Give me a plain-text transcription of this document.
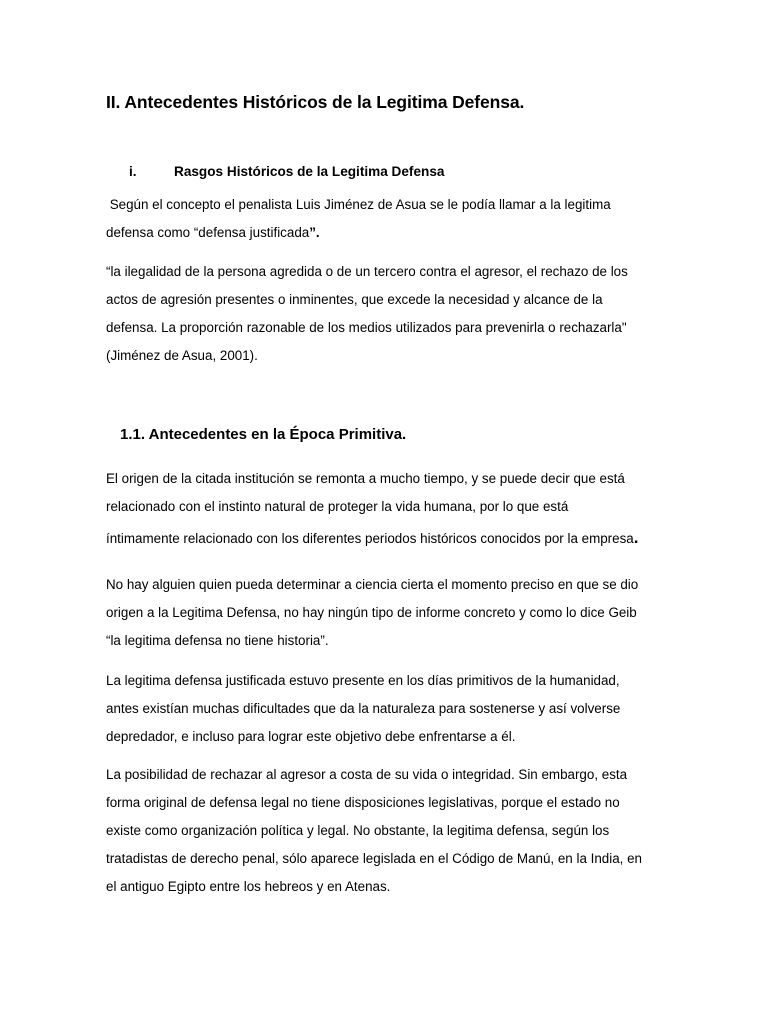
II. Antecedentes Históricos de la Legitima Defensa.
i.	Rasgos Históricos de la Legitima Defensa
Según el concepto el penalista Luis Jiménez de Asua se le podía llamar a la legitima
defensa como “defensa justificada”.
“la ilegalidad de la persona agredida o de un tercero contra el agresor, el rechazo de los
actos de agresión presentes o inminentes, que excede la necesidad y alcance de la
defensa. La proporción razonable de los medios utilizados para prevenirla o rechazarla"
(Jiménez de Asua, 2001).
1.1. Antecedentes en la Época Primitiva.
El origen de la citada institución se remonta a mucho tiempo, y se puede decir que está
relacionado con el instinto natural de proteger la vida humana, por lo que está
íntimamente relacionado con los diferentes periodos históricos conocidos por la empresa.
No hay alguien quien pueda determinar a ciencia cierta el momento preciso en que se dio
origen a la Legitima Defensa, no hay ningún tipo de informe concreto y como lo dice Geib
“la legitima defensa no tiene historia”.
La legitima defensa justificada estuvo presente en los días primitivos de la humanidad,
antes existían muchas dificultades que da la naturaleza para sostenerse y así volverse
depredador, e incluso para lograr este objetivo debe enfrentarse a él.
La posibilidad de rechazar al agresor a costa de su vida o integridad. Sin embargo, esta
forma original de defensa legal no tiene disposiciones legislativas, porque el estado no
existe como organización política y legal. No obstante, la legitima defensa, según los
tratadistas de derecho penal, sólo aparece legislada en el Código de Manú, en la India, en
el antiguo Egipto entre los hebreos y en Atenas.
